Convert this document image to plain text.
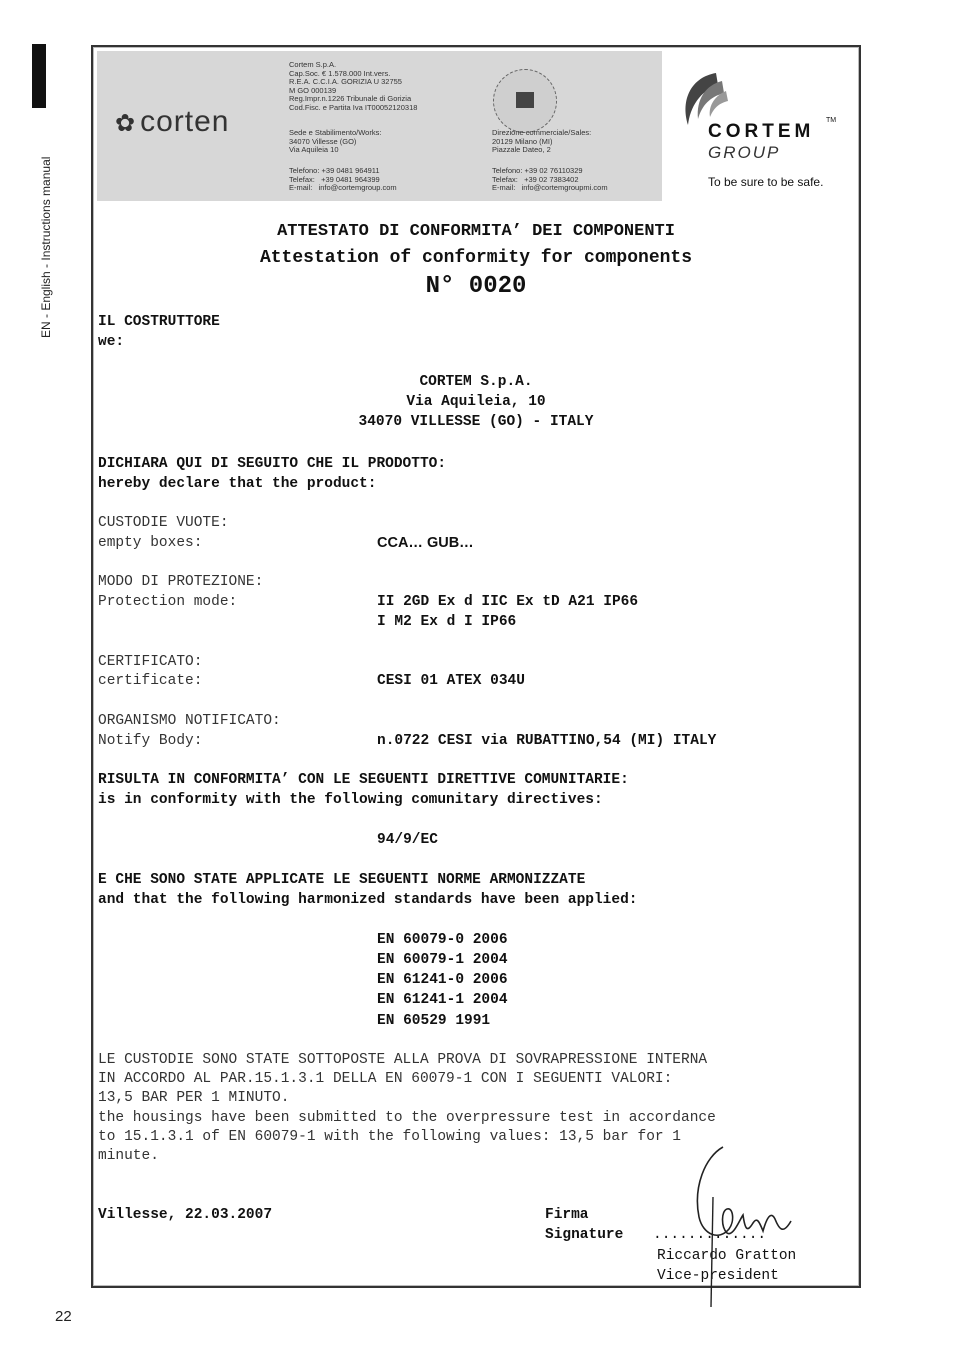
EN - English - Instructions manual
22
✿ corten
Cortem S.p.A.
Cap.Soc. € 1.578.000 Int.vers.
R.E.A. C.C.I.A. GORIZIA U 32755
M GO 000139
Reg.Impr.n.1226 Tribunale di Gorizia
Cod.Fisc. e Partita Iva IT00052120318
Sede e Stabilimento/Works:
34070 Villesse (GO)
Via Aquileia 10
Telefono: +39 0481 964911
Telefax:   +39 0481 964399
E-mail:   info@cortemgroup.com
Direzione commerciale/Sales:
20129 Milano (MI)
Piazzale Dateo, 2
Telefono: +39 02 76110329
Telefax:   +39 02 7383402
E-mail:   info@cortemgroupmi.com
CORTEM
TM
GROUP
To be sure to be safe.
ATTESTATO DI CONFORMITA’ DEI COMPONENTI
Attestation of conformity for components
N° 0020
IL COSTRUTTORE
we:
CORTEM S.p.A.
Via Aquileia, 10
34070 VILLESSE (GO) - ITALY
DICHIARA QUI DI SEGUITO CHE IL PRODOTTO:
hereby declare that the product:
CUSTODIE VUOTE:
empty boxes:	CCA… GUB…
MODO DI PROTEZIONE:
Protection mode:	II 2GD Ex d IIC Ex tD A21 IP66
I M2 Ex d I IP66
CERTIFICATO:
certificate:	CESI 01 ATEX 034U
ORGANISMO NOTIFICATO:
Notify Body:	n.0722 CESI via RUBATTINO,54 (MI) ITALY
RISULTA IN CONFORMITA’ CON LE SEGUENTI DIRETTIVE COMUNITARIE:
is in conformity with the following comunitary directives:
94/9/EC
E CHE SONO STATE APPLICATE LE SEGUENTI NORME ARMONIZZATE
and that the following harmonized standards have been applied:
EN 60079-0 2006
EN 60079-1 2004
EN 61241-0 2006
EN 61241-1 2004
EN 60529 1991
LE CUSTODIE SONO STATE SOTTOPOSTE ALLA PROVA DI SOVRAPRESSIONE INTERNA
IN ACCORDO AL PAR.15.1.3.1 DELLA EN 60079-1 CON I SEGUENTI VALORI:
13,5 BAR PER 1 MINUTO.
the housings have been submitted to the overpressure test in accordance
to 15.1.3.1 of EN 60079-1 with the following values: 13,5 bar for 1
minute.
Villesse, 22.03.2007	Firma
Signature .............
Riccardo Gratton
Vice-president
